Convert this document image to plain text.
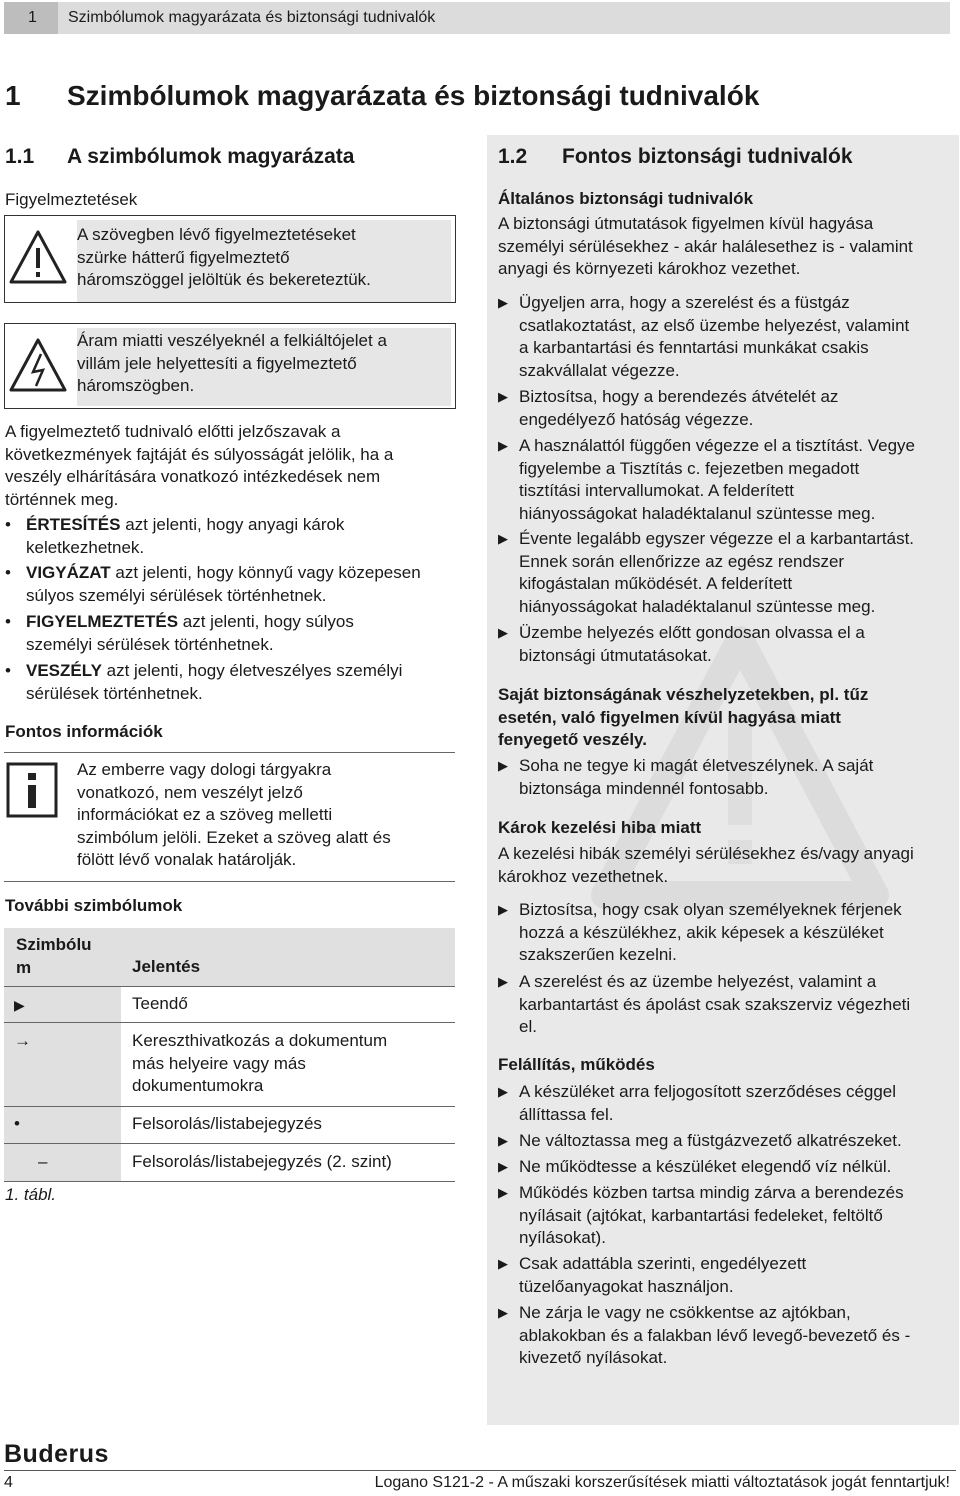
1 Szimbólumok magyarázata és biztonsági tudnivalók
1 Szimbólumok magyarázata és biztonsági tudnivalók
1.1 A szimbólumok magyarázata
Figyelmeztetések
A szövegben lévő figyelmeztetéseket
szürke hátterű figyelmeztető
háromszöggel jelöltük és bekereteztük.
Áram miatti veszélyeknél a felkiáltójelet a
villám jele helyettesíti a figyelmeztető
háromszögben.
A figyelmeztető tudnivaló előtti jelzőszavak a
következmények fajtáját és súlyosságát jelölik, ha a
veszély elhárítására vonatkozó intézkedések nem
történnek meg.
• ÉRTESÍTÉS azt jelenti, hogy anyagi károk
keletkezhetnek.
• VIGYÁZAT azt jelenti, hogy könnyű vagy közepesen
súlyos személyi sérülések történhetnek.
• FIGYELMEZTETÉS azt jelenti, hogy súlyos
személyi sérülések történhetnek.
• VESZÉLY azt jelenti, hogy életveszélyes személyi
sérülések történhetnek.
Fontos információk
Az emberre vagy dologi tárgyakra
vonatkozó, nem veszélyt jelző
információkat ez a szöveg melletti
szimbólum jelöli. Ezeket a szöveg alatt és
fölött lévő vonalak határolják.
További szimbólumok
Szimbólu
m	Jelentés
▶	Teendő
→	Kereszthivatkozás a dokumentum
más helyeire vagy más
dokumentumokra
•	Felsorolás/listabejegyzés
–	Felsorolás/listabejegyzés (2. szint)
1. tábl.
1.2 Fontos biztonsági tudnivalók
Általános biztonsági tudnivalók
A biztonsági útmutatások figyelmen kívül hagyása
személyi sérülésekhez - akár halálesethez is - valamint
anyagi és környezeti károkhoz vezethet.
▶ Ügyeljen arra, hogy a szerelést és a füstgáz
csatlakoztatást, az első üzembe helyezést, valamint
a karbantartási és fenntartási munkákat csakis
szakvállalat végezze.
▶ Biztosítsa, hogy a berendezés átvételét az
engedélyező hatóság végezze.
▶ A használattól függően végezze el a tisztítást. Vegye
figyelembe a Tisztítás c. fejezetben megadott
tisztítási intervallumokat. A felderített
hiányosságokat haladéktalanul szüntesse meg.
▶ Évente legalább egyszer végezze el a karbantartást.
Ennek során ellenőrizze az egész rendszer
kifogástalan működését. A felderített
hiányosságokat haladéktalanul szüntesse meg.
▶ Üzembe helyezés előtt gondosan olvassa el a
biztonsági útmutatásokat.
Saját biztonságának vészhelyzetekben, pl. tűz
esetén, való figyelmen kívül hagyása miatt
fenyegető veszély.
▶ Soha ne tegye ki magát életveszélynek. A saját
biztonsága mindennél fontosabb.
Károk kezelési hiba miatt
A kezelési hibák személyi sérülésekhez és/vagy anyagi
károkhoz vezethetnek.
▶ Biztosítsa, hogy csak olyan személyeknek férjenek
hozzá a készülékhez, akik képesek a készüléket
szakszerűen kezelni.
▶ A szerelést és az üzembe helyezést, valamint a
karbantartást és ápolást csak szakszerviz végezheti
el.
Felállítás, működés
▶ A készüléket arra feljogosított szerződéses céggel
állíttassa fel.
▶ Ne változtassa meg a füstgázvezető alkatrészeket.
▶ Ne működtesse a készüléket elegendő víz nélkül.
▶ Működés közben tartsa mindig zárva a berendezés
nyílásait (ajtókat, karbantartási fedeleket, feltöltő
nyílásokat).
▶ Csak adattábla szerinti, engedélyezett
tüzelőanyagokat használjon.
▶ Ne zárja le vagy ne csökkentse az ajtókban,
ablakokban és a falakban lévő levegő-bevezető és -
kivezető nyílásokat.
Buderus
4	Logano S121-2 - A műszaki korszerűsítések miatti változtatások jogát fenntartjuk!
